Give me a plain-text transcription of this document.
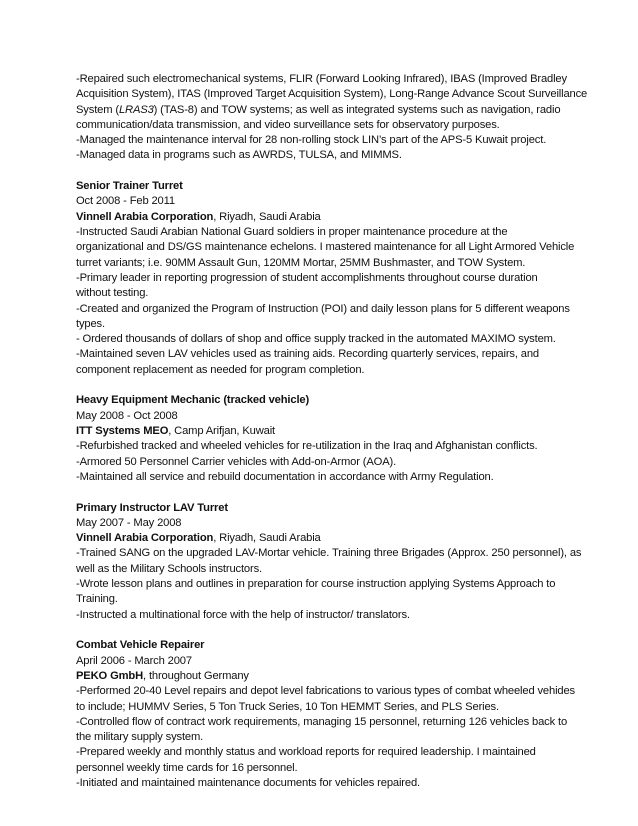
-Repaired such electromechanical systems, FLIR (Forward Looking Infrared), IBAS (Improved Bradley
Acquisition System), ITAS (Improved Target Acquisition System), Long-Range Advance Scout Surveillance
System (LRAS3) (TAS-8) and TOW systems; as well as integrated systems such as navigation, radio
communication/data transmission, and video surveillance sets for observatory purposes.
-Managed the maintenance interval for 28 non-rolling stock LIN’s part of the APS-5 Kuwait project.
-Managed data in programs such as AWRDS, TULSA, and MIMMS.
Senior Trainer Turret
Oct 2008 - Feb 2011
Vinnell Arabia Corporation, Riyadh, Saudi Arabia
-Instructed Saudi Arabian National Guard soldiers in proper maintenance procedure at the
organizational and DS/GS maintenance echelons. I mastered maintenance for all Light Armored Vehicle
turret variants; i.e. 90MM Assault Gun, 120MM Mortar, 25MM Bushmaster, and TOW System.
-Primary leader in reporting progression of student accomplishments throughout course duration
without testing.
-Created and organized the Program of Instruction (POI) and daily lesson plans for 5 different weapons
types.
- Ordered thousands of dollars of shop and office supply tracked in the automated MAXIMO system.
-Maintained seven LAV vehicles used as training aids. Recording quarterly services, repairs, and
component replacement as needed for program completion.
Heavy Equipment Mechanic (tracked vehicle)
May 2008 - Oct 2008
ITT Systems MEO, Camp Arifjan, Kuwait
-Refurbished tracked and wheeled vehicles for re-utilization in the Iraq and Afghanistan conflicts.
-Armored 50 Personnel Carrier vehicles with Add-on-Armor (AOA).
-Maintained all service and rebuild documentation in accordance with Army Regulation.
Primary Instructor LAV Turret
May 2007 - May 2008
Vinnell Arabia Corporation, Riyadh, Saudi Arabia
-Trained SANG on the upgraded LAV-Mortar vehicle. Training three Brigades (Approx. 250 personnel), as
well as the Military Schools instructors.
-Wrote lesson plans and outlines in preparation for course instruction applying Systems Approach to
Training.
-Instructed a multinational force with the help of instructor/ translators.
Combat Vehicle Repairer
April 2006 - March 2007
PEKO GmbH, throughout Germany
-Performed 20-40 Level repairs and depot level fabrications to various types of combat wheeled vehides
to include; HUMMV Series, 5 Ton Truck Series, 10 Ton HEMMT Series, and PLS Series.
-Controlled flow of contract work requirements, managing 15 personnel, returning 126 vehicles back to
the military supply system.
-Prepared weekly and monthly status and workload reports for required leadership. I maintained
personnel weekly time cards for 16 personnel.
-Initiated and maintained maintenance documents for vehicles repaired.
